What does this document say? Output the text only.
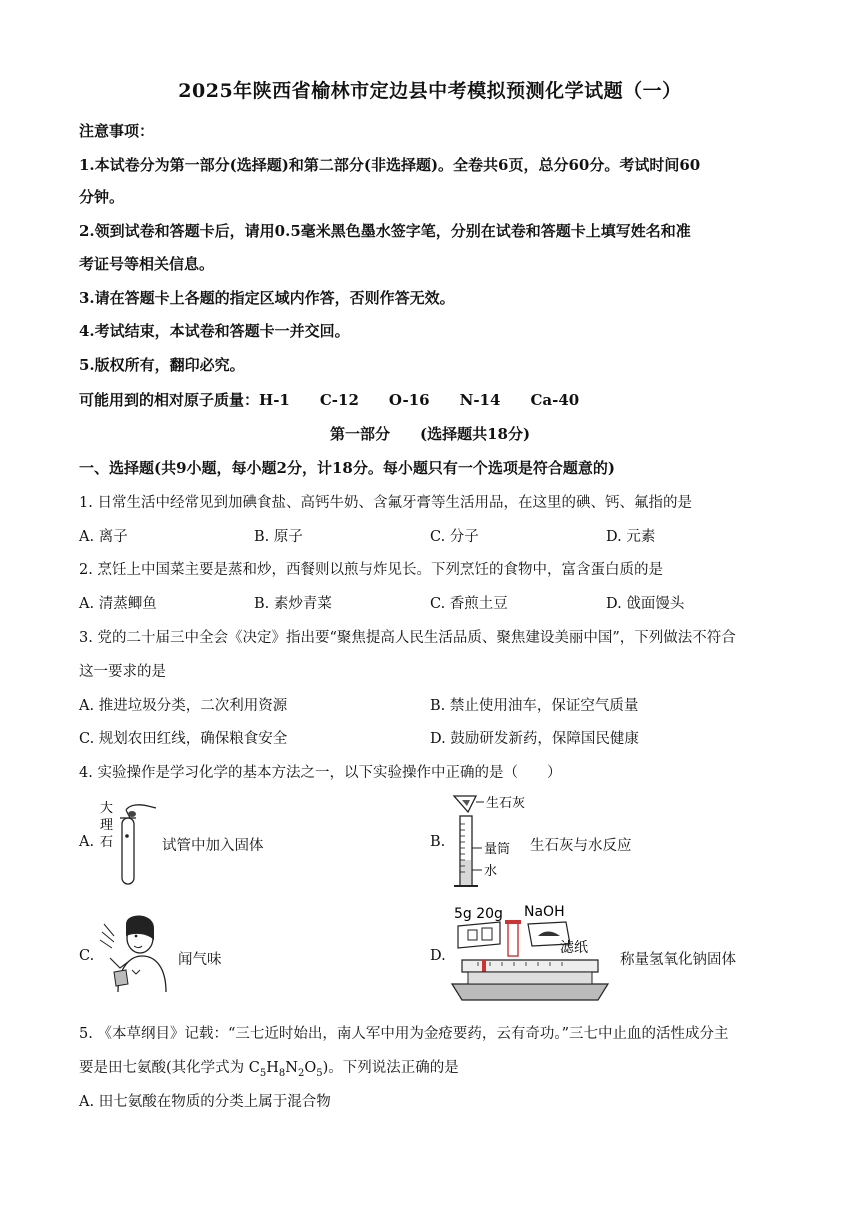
2025年陕西省榆林市定边县中考模拟预测化学试题（一）
注意事项：
1.本试卷分为第一部分(选择题)和第二部分(非选择题)。全卷共6页，总分60分。考试时间60
分钟。
2.领到试卷和答题卡后，请用0.5毫米黑色墨水签字笔，分别在试卷和答题卡上填写姓名和准
考证号等相关信息。
3.请在答题卡上各题的指定区域内作答，否则作答无效。
4.考试结束，本试卷和答题卡一并交回。
5.版权所有，翻印必究。
可能用到的相对原子质量：H-1 C-12 O-16 N-14 Ca-40
第一部分 (选择题共18分)
一、选择题(共9小题，每小题2分，计18分。每小题只有一个选项是符合题意的)
1. 日常生活中经常见到加碘食盐、高钙牛奶、含氟牙膏等生活用品，在这里的碘、钙、氟指的是
A. 离子	B. 原子	C. 分子	D. 元素
2. 烹饪上中国菜主要是蒸和炒，西餐则以煎与炸见长。下列烹饪的食物中，富含蛋白质的是
A. 清蒸鲫鱼	B. 素炒青菜	C. 香煎土豆	D. 戗面馒头
3. 党的二十届三中全会《决定》指出要“聚焦提高人民生活品质、聚焦建设美丽中国”，下列做法不符合
这一要求的是
A. 推进垃圾分类，二次利用资源	B. 禁止使用油车，保证空气质量
C. 规划农田红线，确保粮食安全	D. 鼓励研发新药，保障国民健康
4. 实验操作是学习化学的基本方法之一，以下实验操作中正确的是（　　）
A.
大
理
石	试管中加入固体	B.
生石灰
量筒
水
生石灰与水反应
C.	闻气味	D.
5g 20g NaOH
滤纸
称量氢氧化钠固体
5. 《本草纲目》记载：“三七近时始出，南人军中用为金疮要药，云有奇功。”三七中止血的活性成分主
要是田七氨酸(其化学式为 $C_5H_8N_2O_5$)。下列说法正确的是
A. 田七氨酸在物质的分类上属于混合物
